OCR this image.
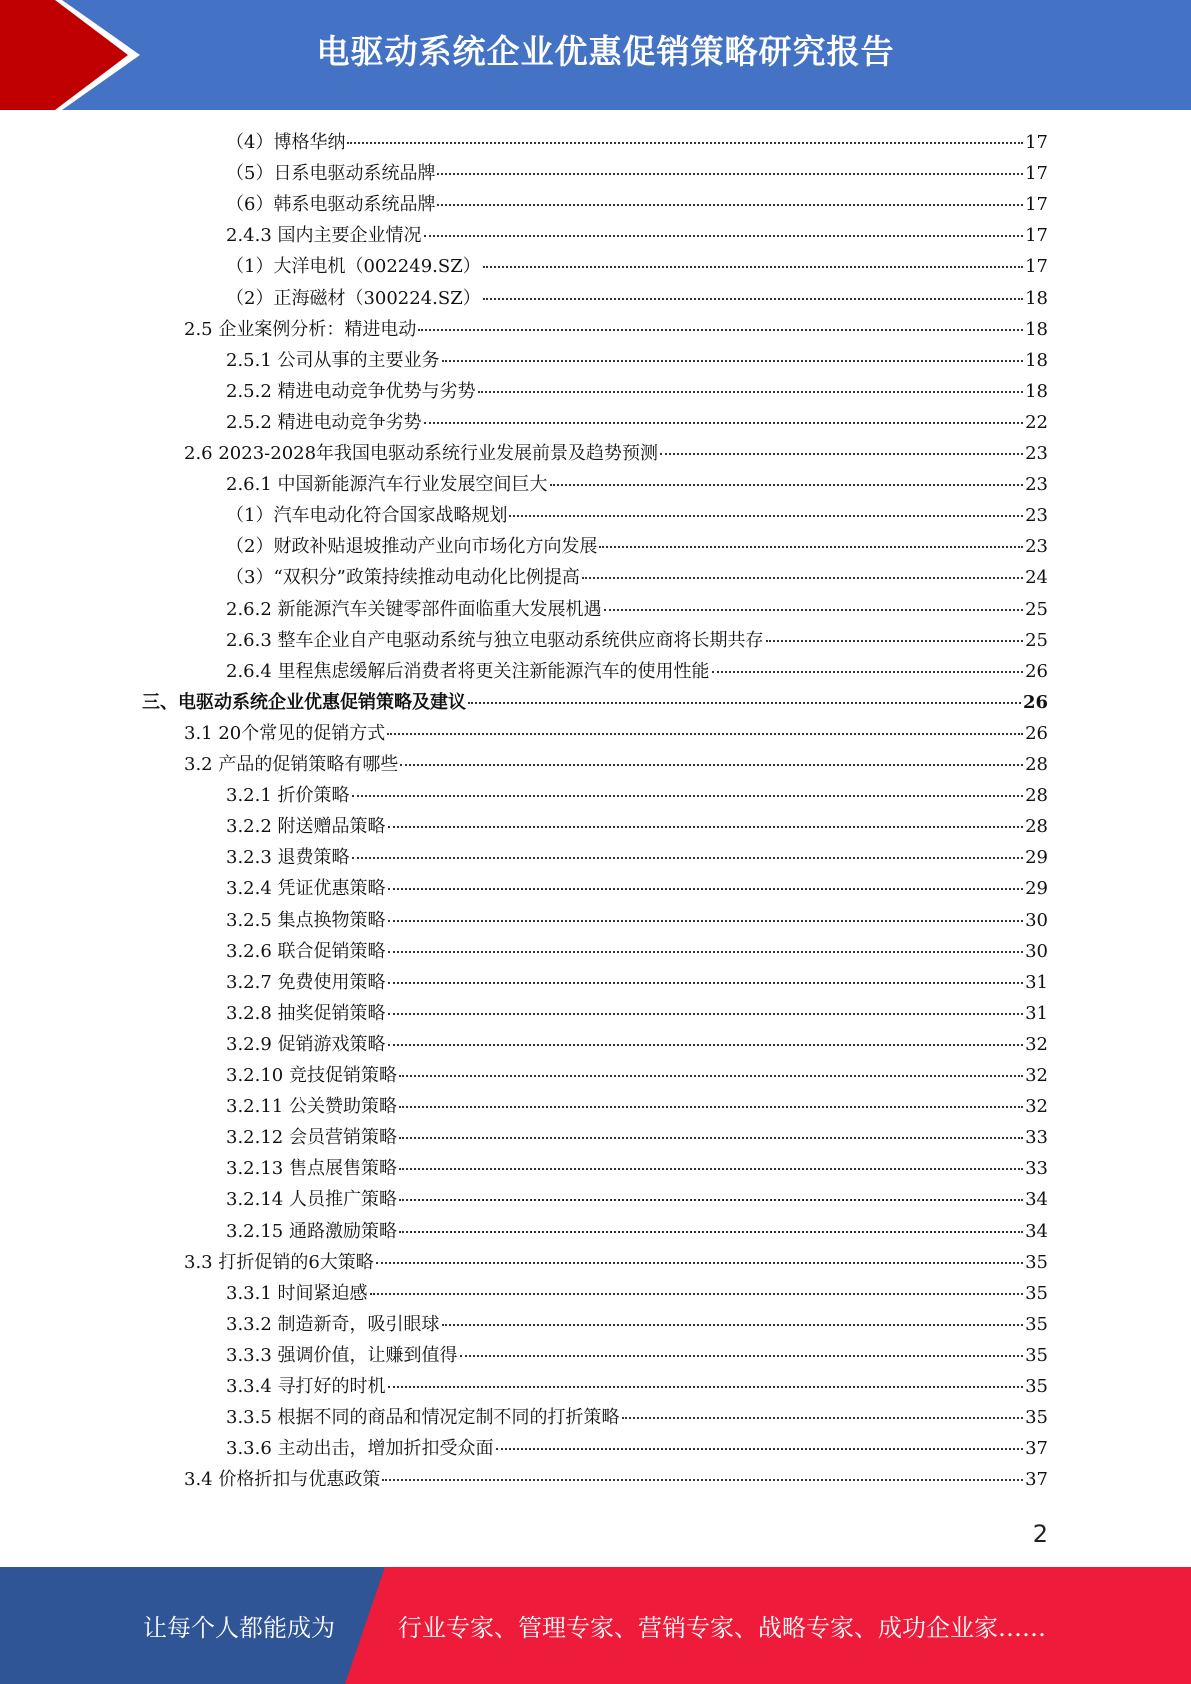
电驱动系统企业优惠促销策略研究报告
（4）博格华纳	17
（5）日系电驱动系统品牌	17
（6）韩系电驱动系统品牌	17
2.4.3 国内主要企业情况	17
（1）大洋电机（002249.SZ）	17
（2）正海磁材（300224.SZ）	18
2.5 企业案例分析：精进电动	18
2.5.1 公司从事的主要业务	18
2.5.2 精进电动竞争优势与劣势	18
2.5.2 精进电动竞争劣势	22
2.6 2023-2028年我国电驱动系统行业发展前景及趋势预测	23
2.6.1 中国新能源汽车行业发展空间巨大	23
（1）汽车电动化符合国家战略规划	23
（2）财政补贴退坡推动产业向市场化方向发展	23
（3）“双积分”政策持续推动电动化比例提高	24
2.6.2 新能源汽车关键零部件面临重大发展机遇	25
2.6.3 整车企业自产电驱动系统与独立电驱动系统供应商将长期共存	25
2.6.4 里程焦虑缓解后消费者将更关注新能源汽车的使用性能	26
三、电驱动系统企业优惠促销策略及建议	26
3.1 20个常见的促销方式	26
3.2 产品的促销策略有哪些	28
3.2.1 折价策略	28
3.2.2 附送赠品策略	28
3.2.3 退费策略	29
3.2.4 凭证优惠策略	29
3.2.5 集点换物策略	30
3.2.6 联合促销策略	30
3.2.7 免费使用策略	31
3.2.8 抽奖促销策略	31
3.2.9 促销游戏策略	32
3.2.10 竞技促销策略	32
3.2.11 公关赞助策略	32
3.2.12 会员营销策略	33
3.2.13 售点展售策略	33
3.2.14 人员推广策略	34
3.2.15 通路激励策略	34
3.3 打折促销的6大策略	35
3.3.1 时间紧迫感	35
3.3.2 制造新奇，吸引眼球	35
3.3.3 强调价值，让赚到值得	35
3.3.4 寻打好的时机	35
3.3.5 根据不同的商品和情况定制不同的打折策略	35
3.3.6 主动出击，增加折扣受众面	37
3.4 价格折扣与优惠政策	37
2
让每个人都能成为	行业专家、管理专家、营销专家、战略专家、成功企业家……
